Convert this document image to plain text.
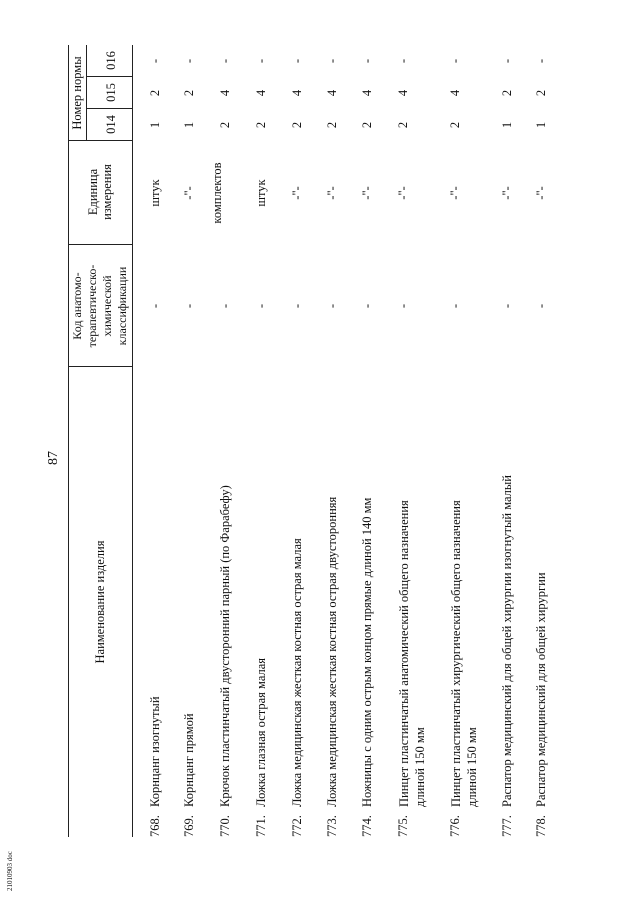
87
21010903 doc
Наименование изделия
Код анатомо-терапевтическо-химической классификации
Единица измерения
Номер нормы 014
015
016
768.
Корнцанг изогнутый
-
штук
1
2
-
769.
Корнцанг прямой
-
-"-
1
2
-
770.
Крючок пластинчатый двусторонний парный (по Фарабефу)
-
комплектов
2
4
-
771.
Ложка глазная острая малая
-
штук
2
4
-
772.
Ложка медицинская жесткая костная острая малая
-
-"-
2
4
-
773.
Ложка медицинская жесткая костная острая двусторонняя
-
-"-
2
4
-
774.
Ножницы с одним острым концом прямые длиной 140 мм
-
-"-
2
4
-
775.
Пинцет пластинчатый анатомический общего назначения длиной 150 мм
-
-"-
2
4
-
776.
Пинцет пластинчатый хирургический общего назначения длиной 150 мм
-
-"-
2
4
-
777.
Распатор медицинский для общей хирургии изогнутый малый
-
-"-
1
2
-
778.
Распатор медицинский для общей хирургии
-
-"-
1
2
-
